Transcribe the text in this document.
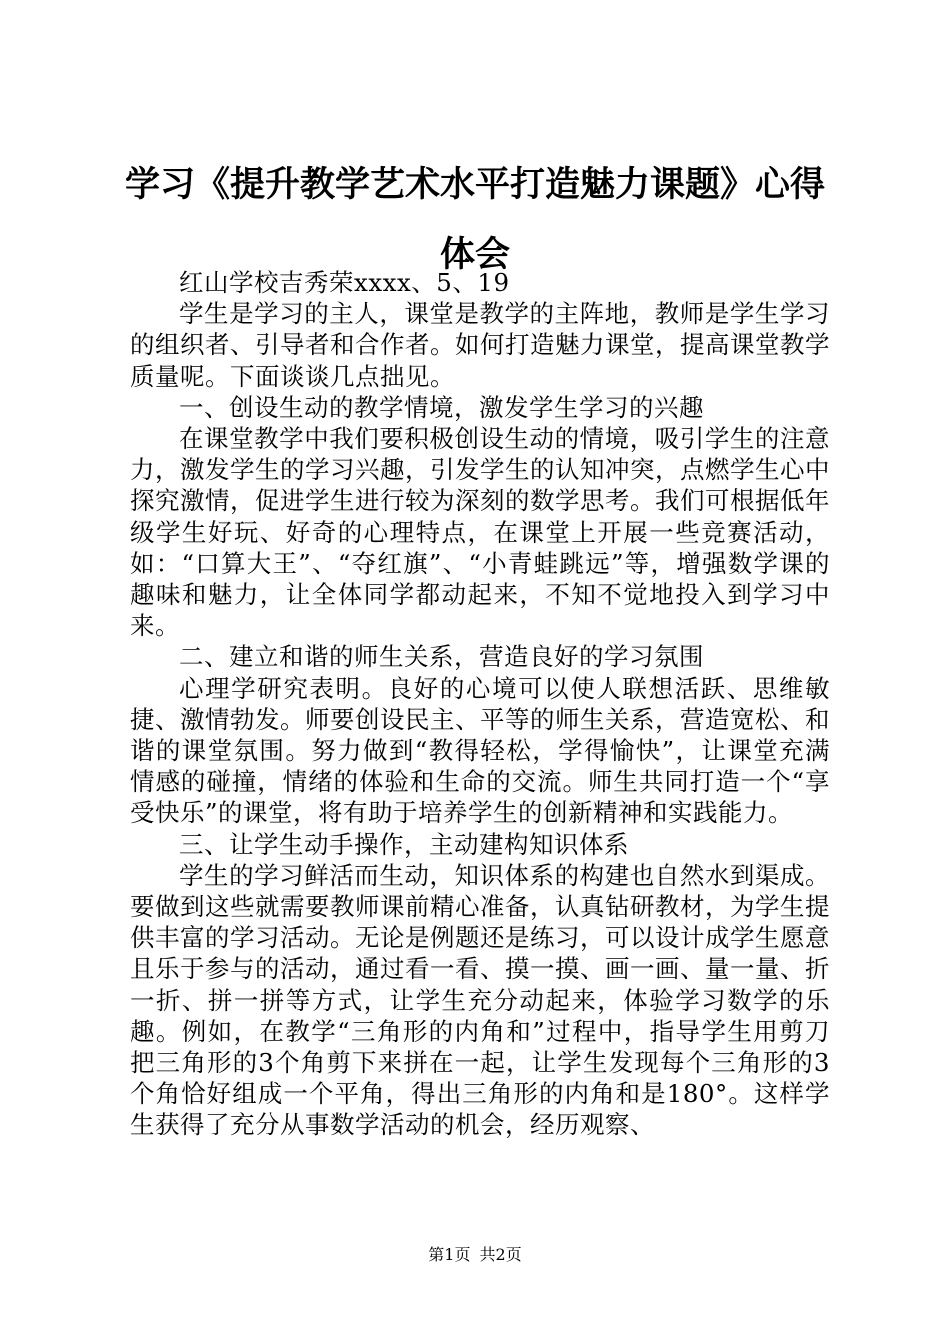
学习《提升教学艺术水平打造魅力课题》心得
体会

红山学校吉秀荣xxxx、5、19

学生是学习的主人，课堂是教学的主阵地，教师是学生学习的组织者、引导者和合作者。如何打造魅力课堂，提高课堂教学质量呢。下面谈谈几点拙见。

一、创设生动的教学情境，激发学生学习的兴趣

在课堂教学中我们要积极创设生动的情境，吸引学生的注意力，激发学生的学习兴趣，引发学生的认知冲突，点燃学生心中探究激情，促进学生进行较为深刻的数学思考。我们可根据低年级学生好玩、好奇的心理特点，在课堂上开展一些竞赛活动，如：“口算大王”、“夺红旗”、“小青蛙跳远”等，增强数学课的趣味和魅力，让全体同学都动起来，不知不觉地投入到学习中来。

二、建立和谐的师生关系，营造良好的学习氛围

心理学研究表明。良好的心境可以使人联想活跃、思维敏捷、激情勃发。师要创设民主、平等的师生关系，营造宽松、和谐的课堂氛围。努力做到“教得轻松，学得愉快”，让课堂充满情感的碰撞，情绪的体验和生命的交流。师生共同打造一个“享受快乐”的课堂，将有助于培养学生的创新精神和实践能力。

三、让学生动手操作，主动建构知识体系

学生的学习鲜活而生动，知识体系的构建也自然水到渠成。要做到这些就需要教师课前精心准备，认真钻研教材，为学生提供丰富的学习活动。无论是例题还是练习，可以设计成学生愿意且乐于参与的活动，通过看一看、摸一摸、画一画、量一量、折一折、拼一拼等方式，让学生充分动起来，体验学习数学的乐趣。例如，在教学“三角形的内角和”过程中，指导学生用剪刀把三角形的3个角剪下来拼在一起，让学生发现每个三角形的3个角恰好组成一个平角，得出三角形的内角和是180°。这样学生获得了充分从事数学活动的机会，经历观察、

第1页 共2页
